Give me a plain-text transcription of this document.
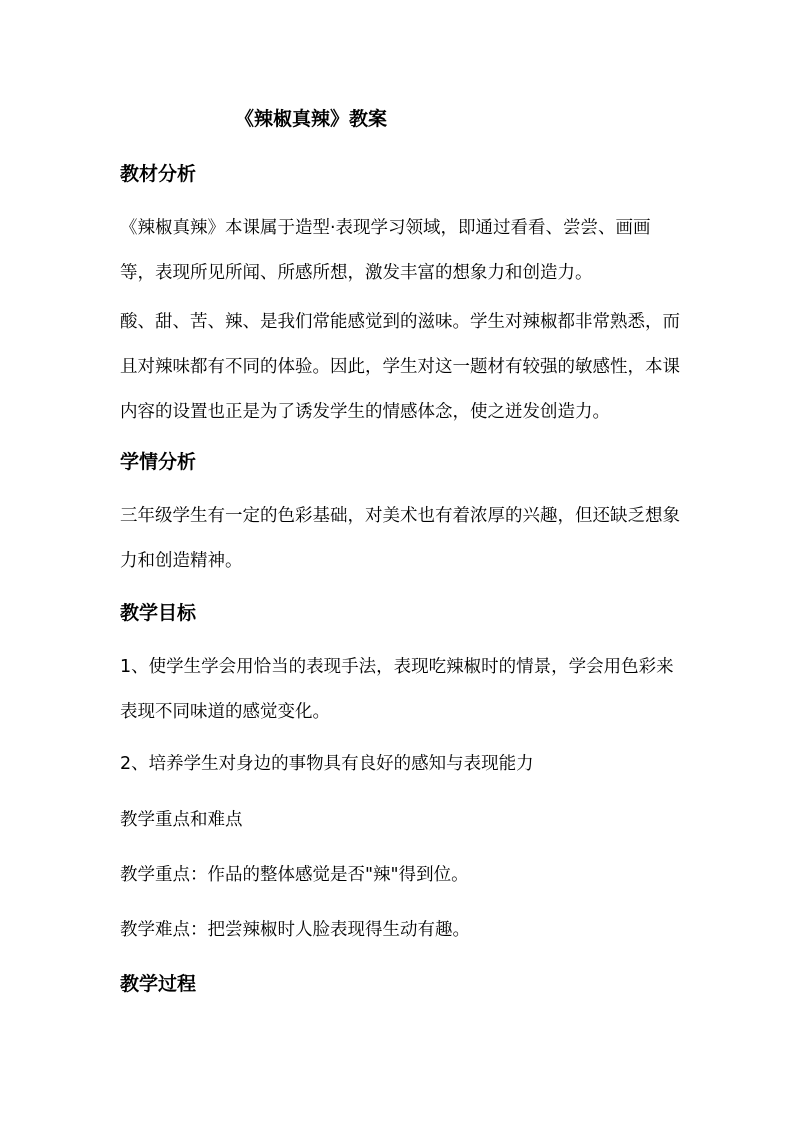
《辣椒真辣》教案
教材分析
《辣椒真辣》本课属于造型·表现学习领域，即通过看看、尝尝、画画等，表现所见所闻、所感所想，激发丰富的想象力和创造力。
酸、甜、苦、辣、是我们常能感觉到的滋味。学生对辣椒都非常熟悉，而且对辣味都有不同的体验。因此，学生对这一题材有较强的敏感性，本课内容的设置也正是为了诱发学生的情感体念，使之迸发创造力。
学情分析
三年级学生有一定的色彩基础，对美术也有着浓厚的兴趣，但还缺乏想象力和创造精神。
教学目标
1、使学生学会用恰当的表现手法，表现吃辣椒时的情景，学会用色彩来表现不同味道的感觉变化。
2、培养学生对身边的事物具有良好的感知与表现能力
教学重点和难点
教学重点：作品的整体感觉是否"辣"得到位。
教学难点：把尝辣椒时人脸表现得生动有趣。
教学过程
